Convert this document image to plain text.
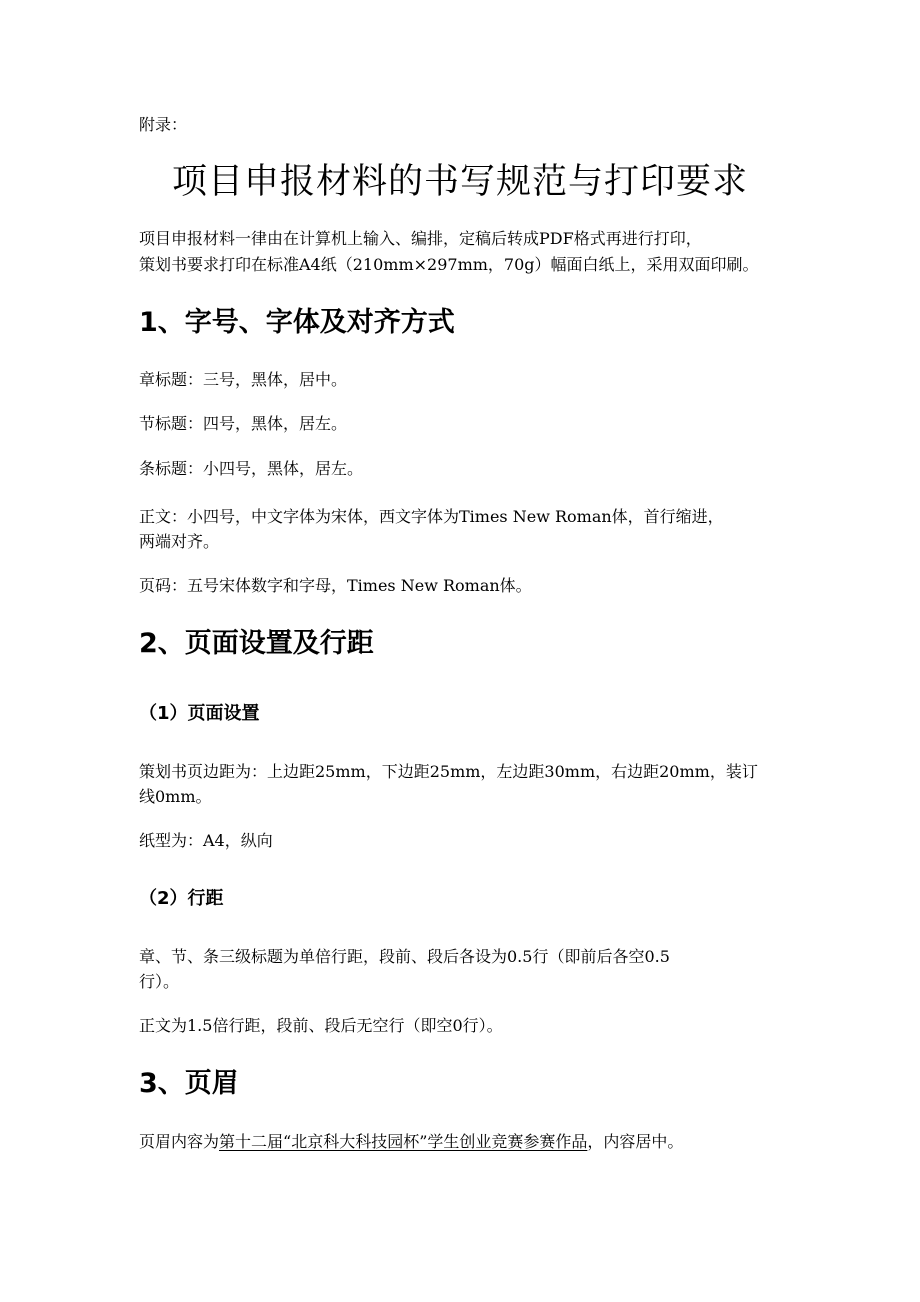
附录：
项目申报材料的书写规范与打印要求

项目申报材料一律由在计算机上输入、编排，定稿后转成PDF格式再进行打印，

策划书要求打印在标准A4纸（210mm×297mm，70g）幅面白纸上，采用双面印刷。

1、字号、字体及对齐方式

章标题：三号，黑体，居中。

节标题：四号，黑体，居左。

条标题：小四号，黑体，居左。

正文：小四号，中文字体为宋体，西文字体为Times New Roman体，首行缩进，

两端对齐。

页码：五号宋体数字和字母，Times New Roman体。

2、页面设置及行距
（1）页面设置

策划书页边距为：上边距25mm，下边距25mm，左边距30mm，右边距20mm，装订

线0mm。

纸型为：A4，纵向

（2）行距

章、节、条三级标题为单倍行距，段前、段后各设为0.5行（即前后各空0.5

行）。

正文为1.5倍行距，段前、段后无空行（即空0行）。

3、页眉

页眉内容为第十二届“北京科大科技园杯”学生创业竞赛参赛作品，内容居中。
